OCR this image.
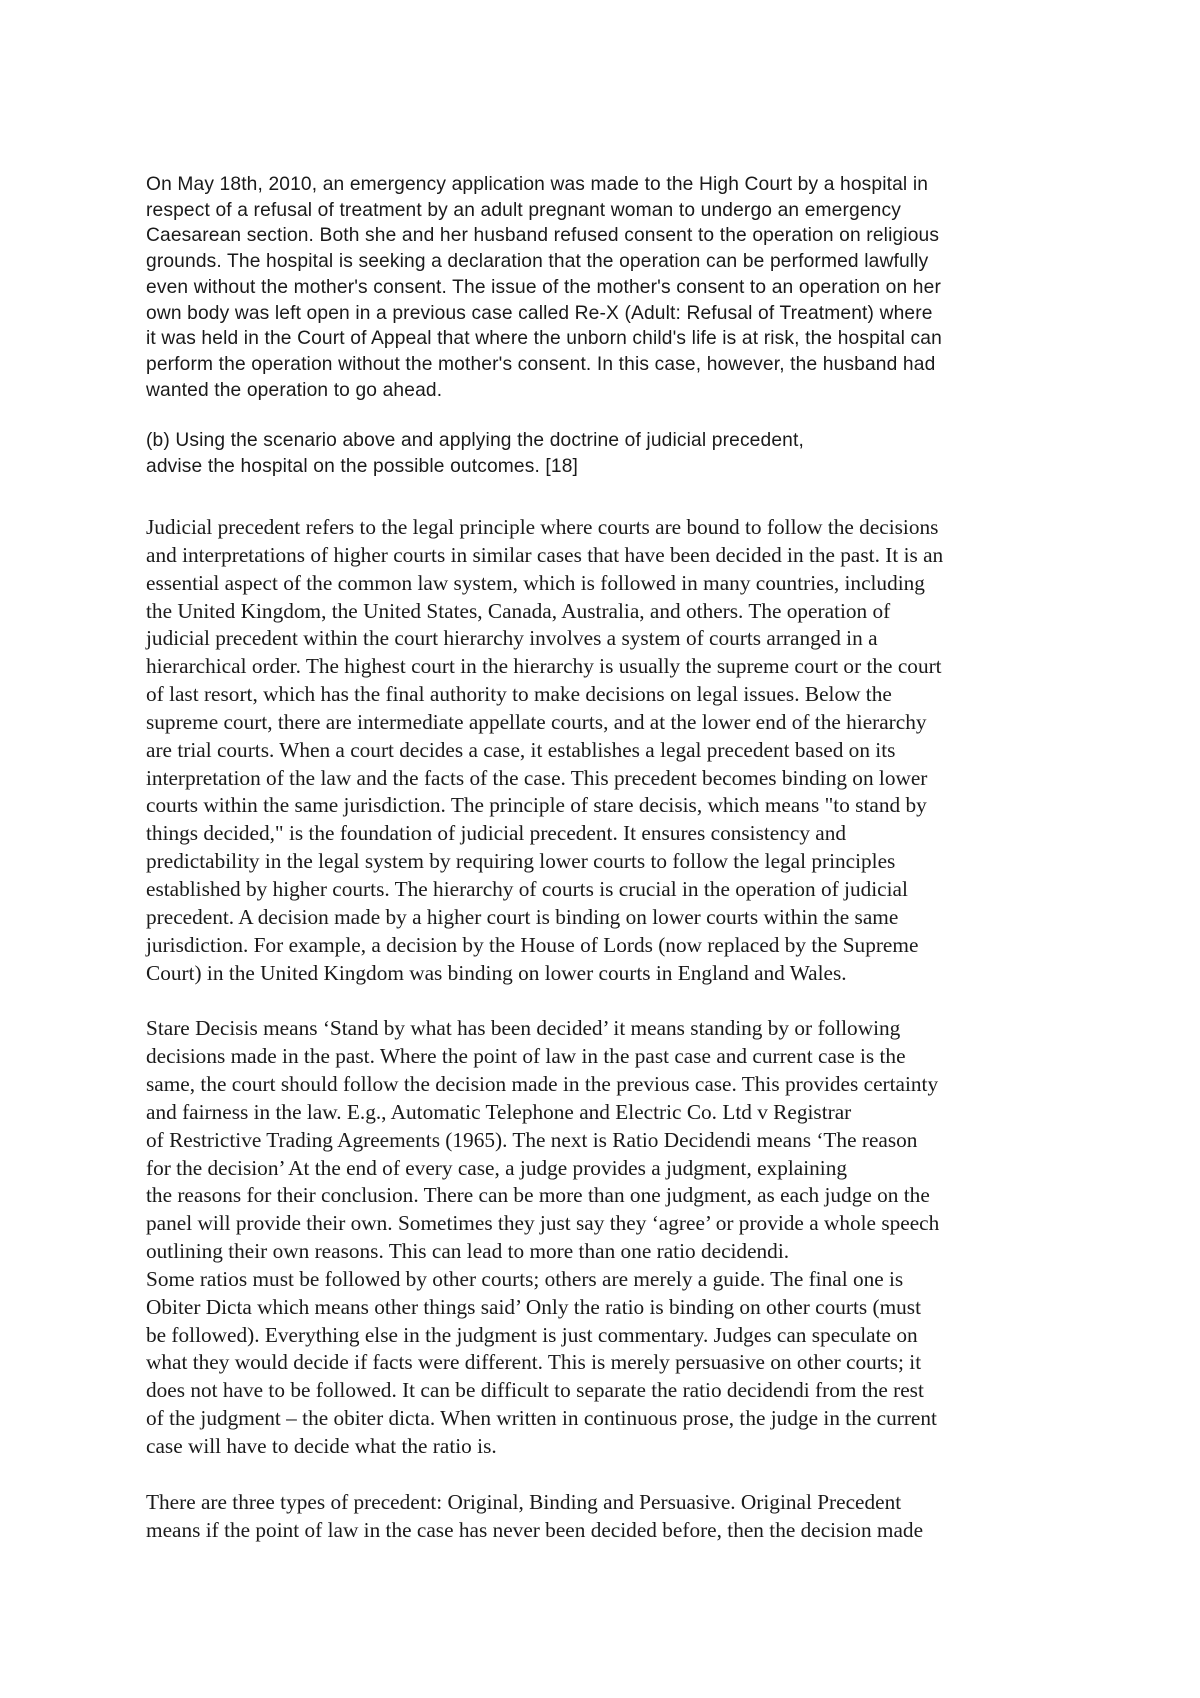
On May 18th, 2010, an emergency application was made to the High Court by a hospital in
respect of a refusal of treatment by an adult pregnant woman to undergo an emergency
Caesarean section. Both she and her husband refused consent to the operation on religious
grounds. The hospital is seeking a declaration that the operation can be performed lawfully
even without the mother's consent. The issue of the mother's consent to an operation on her
own body was left open in a previous case called Re-X (Adult: Refusal of Treatment) where
it was held in the Court of Appeal that where the unborn child's life is at risk, the hospital can
perform the operation without the mother's consent. In this case, however, the husband had
wanted the operation to go ahead.

(b) Using the scenario above and applying the doctrine of judicial precedent,
advise the hospital on the possible outcomes. [18]

Judicial precedent refers to the legal principle where courts are bound to follow the decisions
and interpretations of higher courts in similar cases that have been decided in the past. It is an
essential aspect of the common law system, which is followed in many countries, including
the United Kingdom, the United States, Canada, Australia, and others. The operation of
judicial precedent within the court hierarchy involves a system of courts arranged in a
hierarchical order. The highest court in the hierarchy is usually the supreme court or the court
of last resort, which has the final authority to make decisions on legal issues. Below the
supreme court, there are intermediate appellate courts, and at the lower end of the hierarchy
are trial courts. When a court decides a case, it establishes a legal precedent based on its
interpretation of the law and the facts of the case. This precedent becomes binding on lower
courts within the same jurisdiction. The principle of stare decisis, which means "to stand by
things decided," is the foundation of judicial precedent. It ensures consistency and
predictability in the legal system by requiring lower courts to follow the legal principles
established by higher courts. The hierarchy of courts is crucial in the operation of judicial
precedent. A decision made by a higher court is binding on lower courts within the same
jurisdiction. For example, a decision by the House of Lords (now replaced by the Supreme
Court) in the United Kingdom was binding on lower courts in England and Wales.

Stare Decisis means ‘Stand by what has been decided’ it means standing by or following
decisions made in the past. Where the point of law in the past case and current case is the
same, the court should follow the decision made in the previous case. This provides certainty
and fairness in the law. E.g., Automatic Telephone and Electric Co. Ltd v Registrar
of Restrictive Trading Agreements (1965). The next is Ratio Decidendi means ‘The reason
for the decision’ At the end of every case, a judge provides a judgment, explaining
the reasons for their conclusion. There can be more than one judgment, as each judge on the
panel will provide their own. Sometimes they just say they ‘agree’ or provide a whole speech
outlining their own reasons. This can lead to more than one ratio decidendi.
Some ratios must be followed by other courts; others are merely a guide. The final one is
Obiter Dicta which means other things said’ Only the ratio is binding on other courts (must
be followed). Everything else in the judgment is just commentary. Judges can speculate on
what they would decide if facts were different. This is merely persuasive on other courts; it
does not have to be followed. It can be difficult to separate the ratio decidendi from the rest
of the judgment – the obiter dicta. When written in continuous prose, the judge in the current
case will have to decide what the ratio is.

There are three types of precedent: Original, Binding and Persuasive. Original Precedent
means if the point of law in the case has never been decided before, then the decision made
